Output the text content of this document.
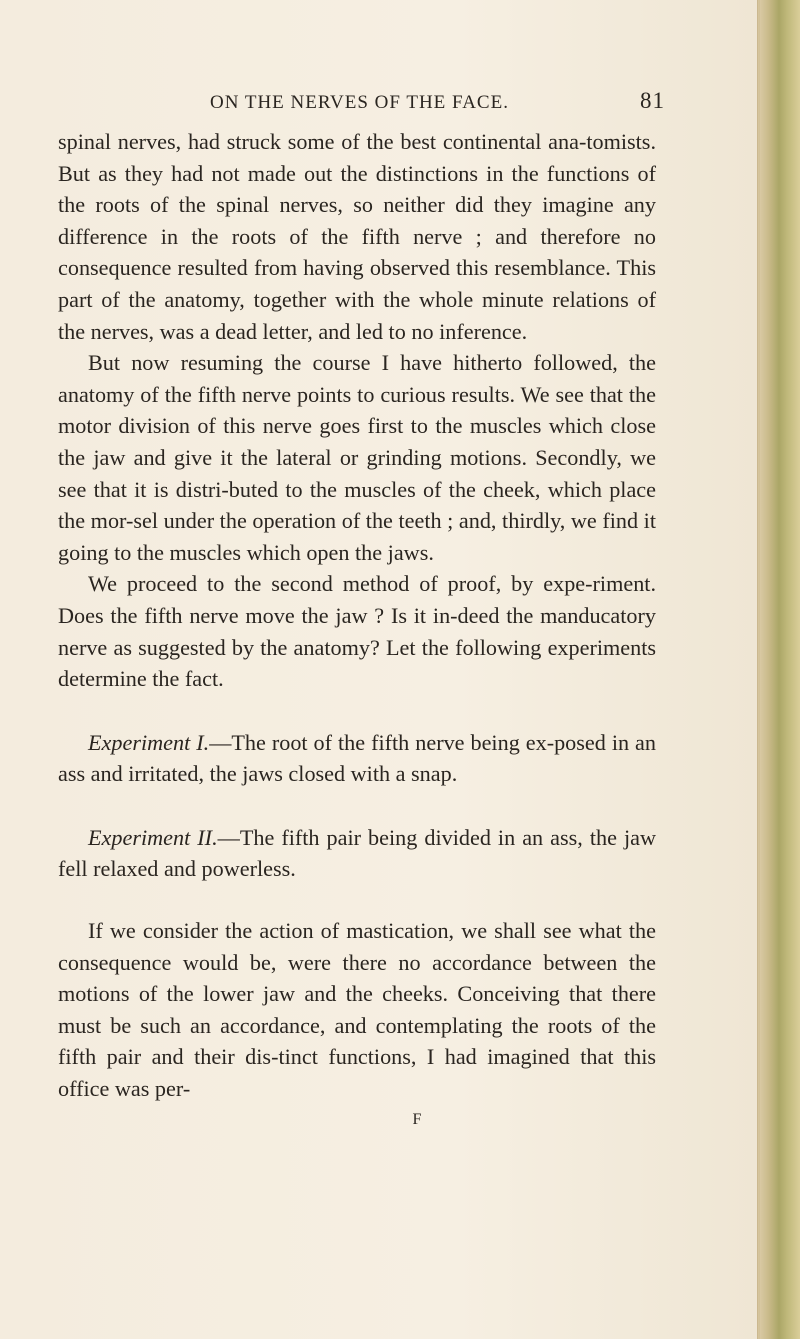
ON THE NERVES OF THE FACE.	81

spinal nerves, had struck some of the best continental ana-tomists. But as they had not made out the distinctions in the functions of the roots of the spinal nerves, so neither did they imagine any difference in the roots of the fifth nerve ; and therefore no consequence resulted from having observed this resemblance. This part of the anatomy, together with the whole minute relations of the nerves, was a dead letter, and led to no inference.

But now resuming the course I have hitherto followed, the anatomy of the fifth nerve points to curious results. We see that the motor division of this nerve goes first to the muscles which close the jaw and give it the lateral or grinding motions. Secondly, we see that it is distri-buted to the muscles of the cheek, which place the mor-sel under the operation of the teeth ; and, thirdly, we find it going to the muscles which open the jaws.

We proceed to the second method of proof, by expe-riment. Does the fifth nerve move the jaw ? Is it in-deed the manducatory nerve as suggested by the anatomy? Let the following experiments determine the fact.

Experiment I.—The root of the fifth nerve being ex-posed in an ass and irritated, the jaws closed with a snap.

Experiment II.—The fifth pair being divided in an ass, the jaw fell relaxed and powerless.

If we consider the action of mastication, we shall see what the consequence would be, were there no accordance between the motions of the lower jaw and the cheeks. Conceiving that there must be such an accordance, and contemplating the roots of the fifth pair and their dis-tinct functions, I had imagined that this office was per-

F
